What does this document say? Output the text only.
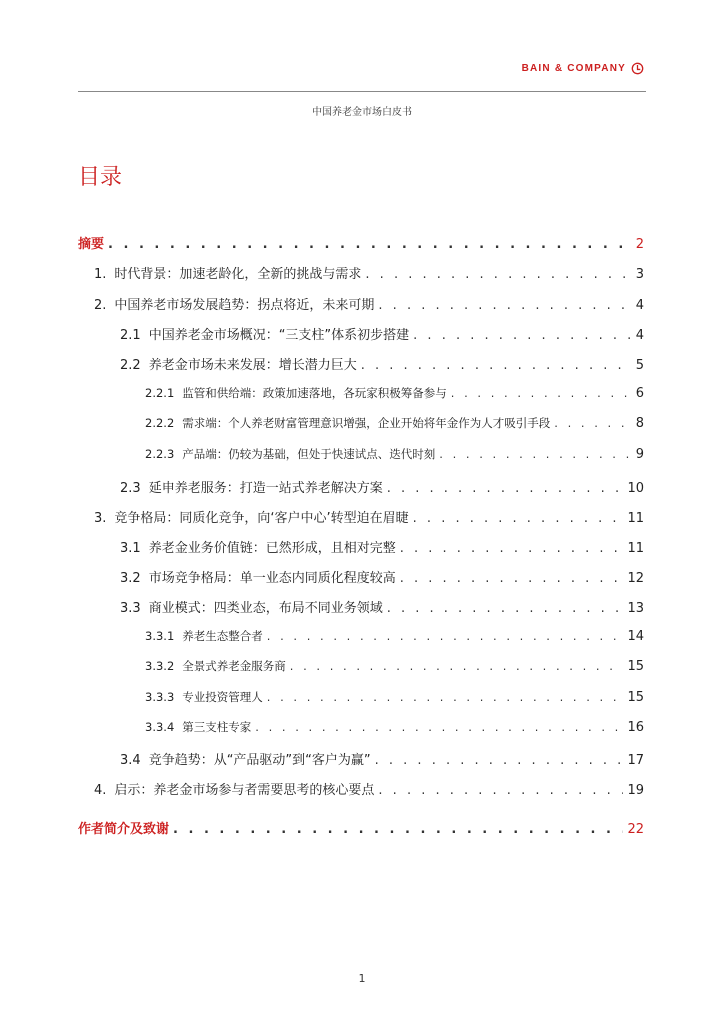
BAIN & COMPANY
中国养老金市场白皮书
目录
摘要 . . .	2
1. 时代背景：加速老龄化，全新的挑战与需求 . . .	3
2. 中国养老市场发展趋势：拐点将近，未来可期 . . .	4
2.1 中国养老金市场概况：“三支柱”体系初步搭建 . . .	4
2.2 养老金市场未来发展：增长潜力巨大 . . .	5
2.2.1 监管和供给端：政策加速落地，各玩家积极筹备参与 . . .	6
2.2.2 需求端：个人养老财富管理意识增强，企业开始将年金作为人才吸引手段 . . .	8
2.2.3 产品端：仍较为基础，但处于快速试点、迭代时刻 . . .	9
2.3 延申养老服务：打造一站式养老解决方案 . . .	10
3. 竞争格局：同质化竞争，向‘客户中心’转型迫在眉睫 . . .	11
3.1 养老金业务价值链：已然形成，且相对完整 . . .	11
3.2 市场竞争格局：单一业态内同质化程度较高 . . .	12
3.3 商业模式：四类业态，布局不同业务领域 . . .	13
3.3.1 养老生态整合者 . . .	14
3.3.2 全景式养老金服务商 . . .	15
3.3.3 专业投资管理人 . . .	15
3.3.4 第三支柱专家 . . .	16
3.4 竞争趋势：从“产品驱动”到“客户为赢” . . .	17
4. 启示：养老金市场参与者需要思考的核心要点 . . .	19
作者简介及致谢 . . .	22
1
